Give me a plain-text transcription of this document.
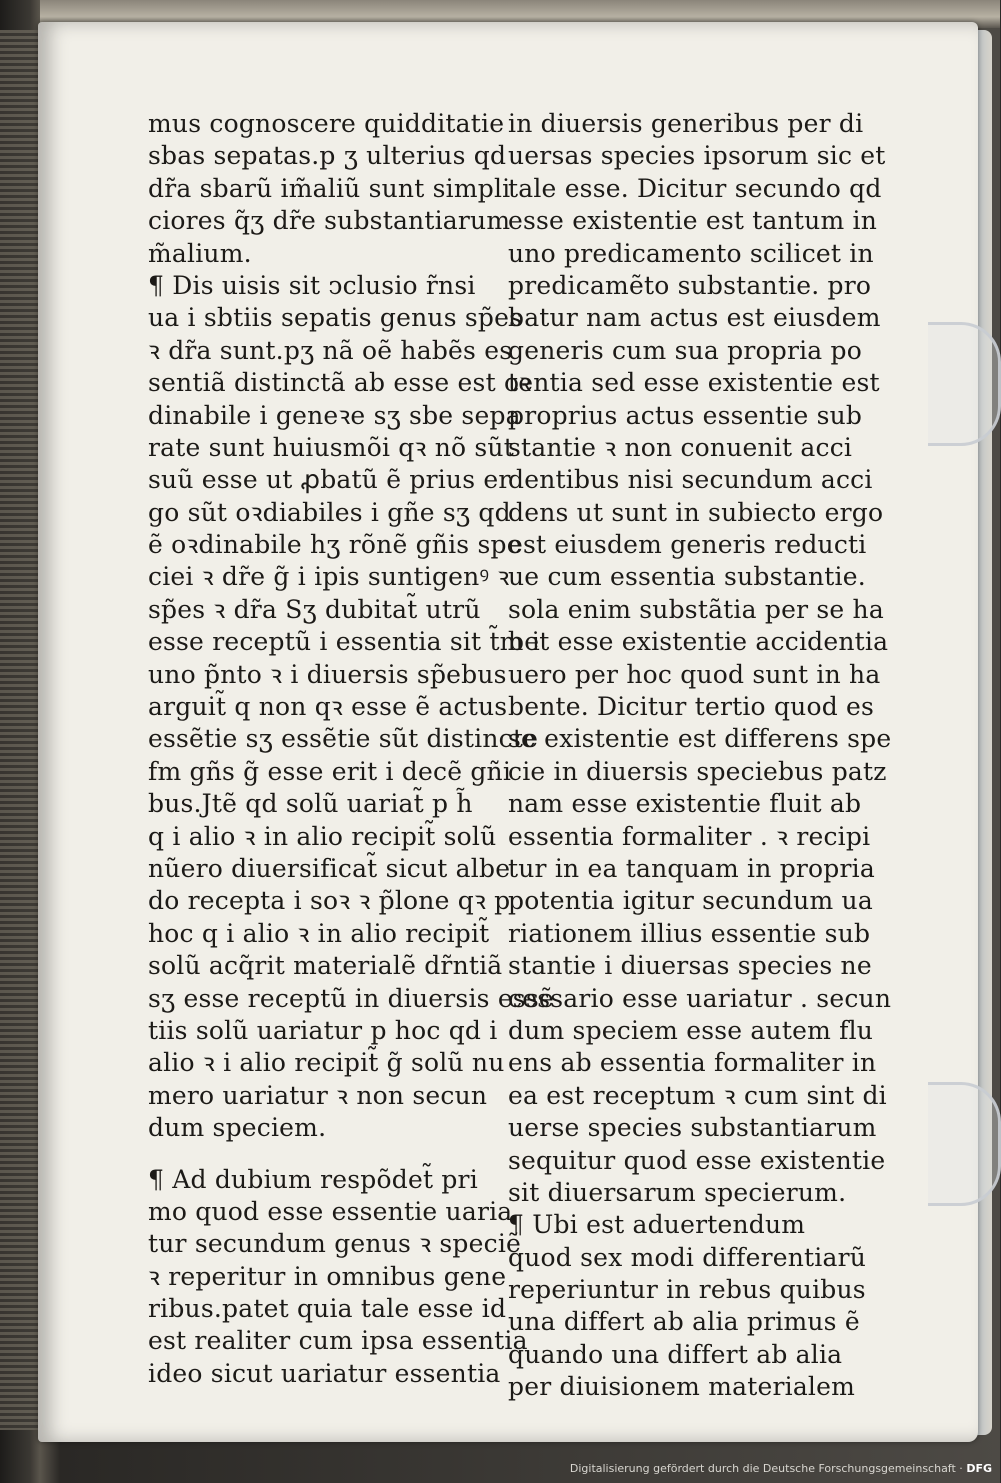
mus cognoscere quidditatie
sbas sepatas.p ʒ ulterius qd
dr̃a sbarũ im̃aliũ sunt simpli
ciores q̃ʒ dr̃e substantiarum
m̃alium.
¶ Dis uisis sit ↄclusio r̃nsi
ua i sbtiis sepatis genus sp̃es
ꝛ dr̃a sunt.pʒ nã oẽ habẽs es
sentiã distinctã ab esse est oꝛ
dinabile i geneꝛe sʒ sbe sepa
rate sunt huiusmõi qꝛ nõ sũt
suũ esse ut ꝓbatũ ẽ prius er
go sũt oꝛdiabiles i gñe sʒ qd
ẽ oꝛdinabile hʒ rõnẽ gñis spe
ciei ꝛ dr̃e g̃ i ipis suntigenꝰ ꝛ
sp̃es ꝛ dr̃a Sʒ dubitat̃ utrũ
esse receptũ i essentia sit t̃m i
uno p̃nto ꝛ i diuersis sp̃ebus
arguit̃ q non qꝛ esse ẽ actus
essẽtie sʒ essẽtie sũt distincte
fm gñs g̃ esse erit i decẽ gñi
bus.Jtẽ qd solũ uariat̃ p h̃
q i alio ꝛ in alio recipit̃ solũ
nũero diuersificat̃ sicut albe
do recepta i soꝛ ꝛ p̃lone qꝛ p
hoc q i alio ꝛ in alio recipit̃
solũ acq̃rit materialẽ dr̃ntiã
sʒ esse receptũ in diuersis essẽ
tiis solũ uariatur p hoc qd i
alio ꝛ i alio recipit̃ g̃ solũ nu
mero uariatur ꝛ non secun
dum speciem.
¶ Ad dubium respõdet̃ pri
mo quod esse essentie uaria
tur secundum genus ꝛ speciẽ
ꝛ reperitur in omnibus gene
ribus.patet quia tale esse id
est realiter cum ipsa essentia
ideo sicut uariatur essentia
in diuersis generibus per di
uersas species ipsorum sic et
tale esse. Dicitur secundo qd
esse existentie est tantum in
uno predicamento scilicet in
predicamẽto substantie. pro
batur nam actus est eiusdem
generis cum sua propria po
tentia sed esse existentie est
proprius actus essentie sub
stantie ꝛ non conuenit acci
dentibus nisi secundum acci
dens ut sunt in subiecto ergo
est eiusdem generis reducti
ue cum essentia substantie.
sola enim substãtia per se ha
bet esse existentie accidentia
uero per hoc quod sunt in ha
bente. Dicitur tertio quod es
se existentie est differens spe
cie in diuersis speciebus patz
nam esse existentie fluit ab
essentia formaliter . ꝛ recipi
tur in ea tanquam in propria
potentia igitur secundum ua
riationem illius essentie sub
stantie i diuersas species ne
cessario esse uariatur . secun
dum speciem esse autem flu
ens ab essentia formaliter in
ea est receptum ꝛ cum sint di
uerse species substantiarum
sequitur quod esse existentie
sit diuersarum specierum.
¶ Ubi est aduertendum
quod sex modi differentiarũ
reperiuntur in rebus quibus
una differt ab alia primus ẽ
quando una differt ab alia
per diuisionem materialem
Digitalisierung gefördert durch die Deutsche Forschungsgemeinschaft · DFG
